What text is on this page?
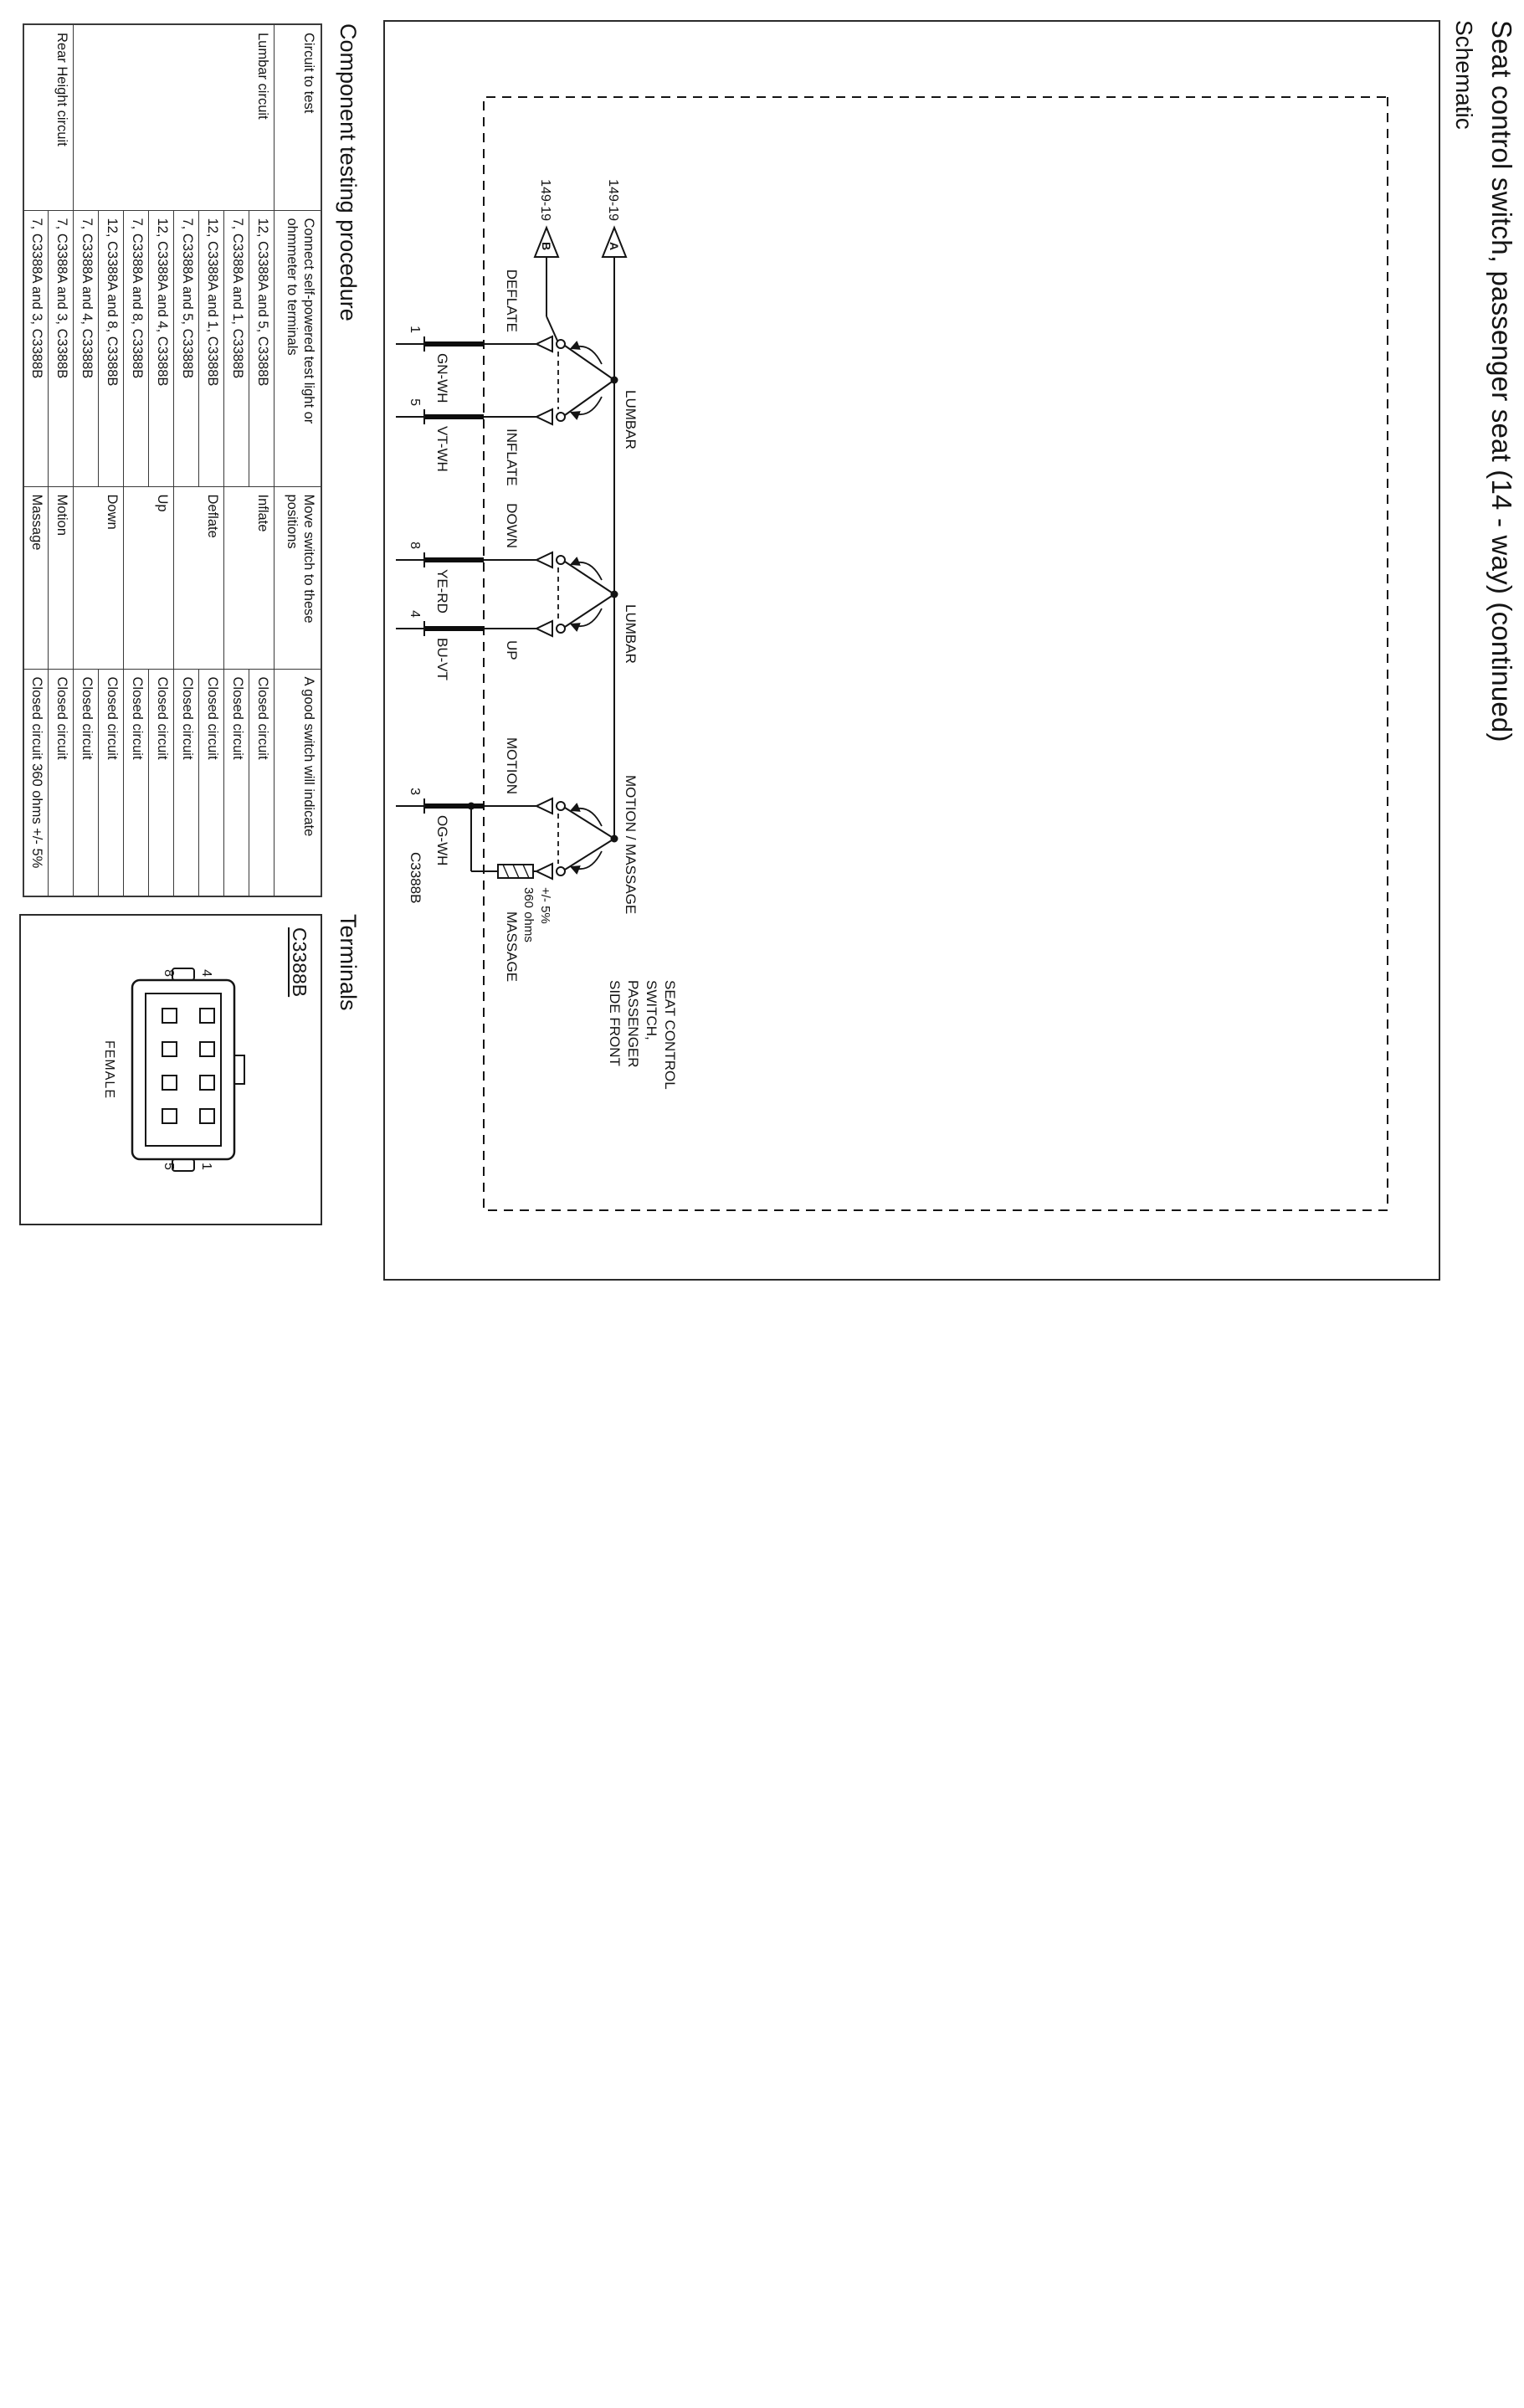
Seat control switch, passenger seat (14 - way) (continued)
Schematic
149-19
A
149-19
B
LUMBAR
LUMBAR
MOTION / MASSAGE
DEFLATE
INFLATE
DOWN
UP
MOTION
MASSAGE
+/- 5%
360 ohms
1
GN-WH
5
VT-WH
8
YE-RD
4
BU-VT
3
OG-WH
C3388B
SEAT CONTROL
SWITCH,
PASSENGER
SIDE FRONT
Component testing procedure
Circuit to test	Connect self-powered test light or ohmmeter to terminals	Move switch to these positions	A good switch will indicate
Lumbar circuit	12, C3388A and 5, C3388B	Inflate	Closed circuit
	7, C3388A and 1, C3388B		Closed circuit
	12, C3388A and 1, C3388B	Deflate	Closed circuit
	7, C3388A and 5, C3388B		Closed circuit
	12, C3388A and 4, C3388B	Up	Closed circuit
	7, C3388A and 8, C3388B		Closed circuit
	12, C3388A and 8, C3388B	Down	Closed circuit
	7, C3388A and 4, C3388B		Closed circuit
Rear Height circuit	7, C3388A and 3, C3388B	Motion	Closed circuit
	7, C3388A and 3, C3388B	Massage	Closed circuit 360 ohms +/- 5%
Terminals
C3388B
4
8
1
5
FEMALE
